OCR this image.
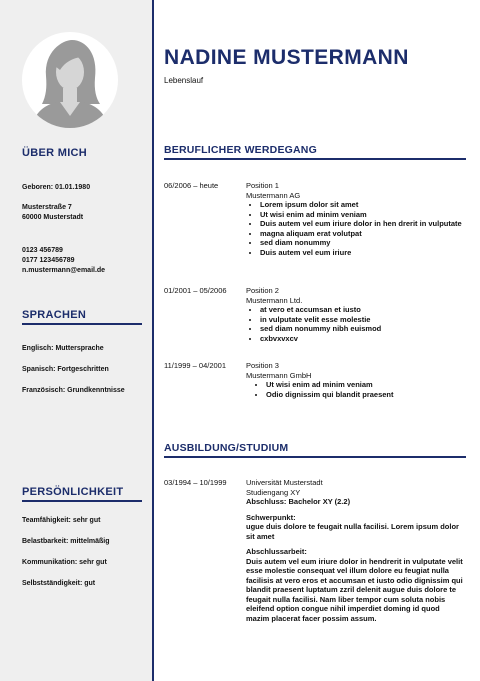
ÜBER MICH
Geboren: 01.01.1980
Musterstraße 7
60000 Musterstadt
0123 456789
0177 123456789
n.mustermann@email.de
SPRACHEN
Englisch: Muttersprache
Spanisch: Fortgeschritten
Französisch: Grundkenntnisse
PERSÖNLICHKEIT
Teamfähigkeit: sehr gut
Belastbarkeit: mittelmäßig
Kommunikation: sehr gut
Selbstständigkeit: gut
NADINE MUSTERMANN
Lebenslauf
BERUFLICHER WERDEGANG
06/2006 – heute	Position 1
Mustermann AG
• Lorem ipsum dolor sit amet
• Ut wisi enim ad minim veniam
• Duis autem vel eum iriure dolor in hen drerit in vulputate
• magna aliquam erat volutpat
• sed diam nonummy
• Duis autem vel eum iriure
01/2001 – 05/2006	Position 2
Mustermann Ltd.
• at vero et accumsan et iusto
• in vulputate velit esse molestie
• sed diam nonummy nibh euismod
• cxbvxvxcv
11/1999 – 04/2001	Position 3
Mustermann GmbH
• Ut wisi enim ad minim veniam
• Odio dignissim qui blandit praesent
AUSBILDUNG/STUDIUM
03/1994 – 10/1999	Universität Musterstadt
Studiengang XY
Abschluss: Bachelor XY (2.2)
Schwerpunkt:
ugue duis dolore te feugait nulla facilisi. Lorem ipsum dolor sit amet
Abschlussarbeit:
Duis autem vel eum iriure dolor in hendrerit in vulputate velit esse molestie consequat vel illum dolore eu feugiat nulla facilisis at vero eros et accumsan et iusto odio dignissim qui blandit praesent luptatum zzril delenit augue duis dolore te feugait nulla facilisi. Nam liber tempor cum soluta nobis eleifend option congue nihil imperdiet doming id quod mazim placerat facer possim assum.
